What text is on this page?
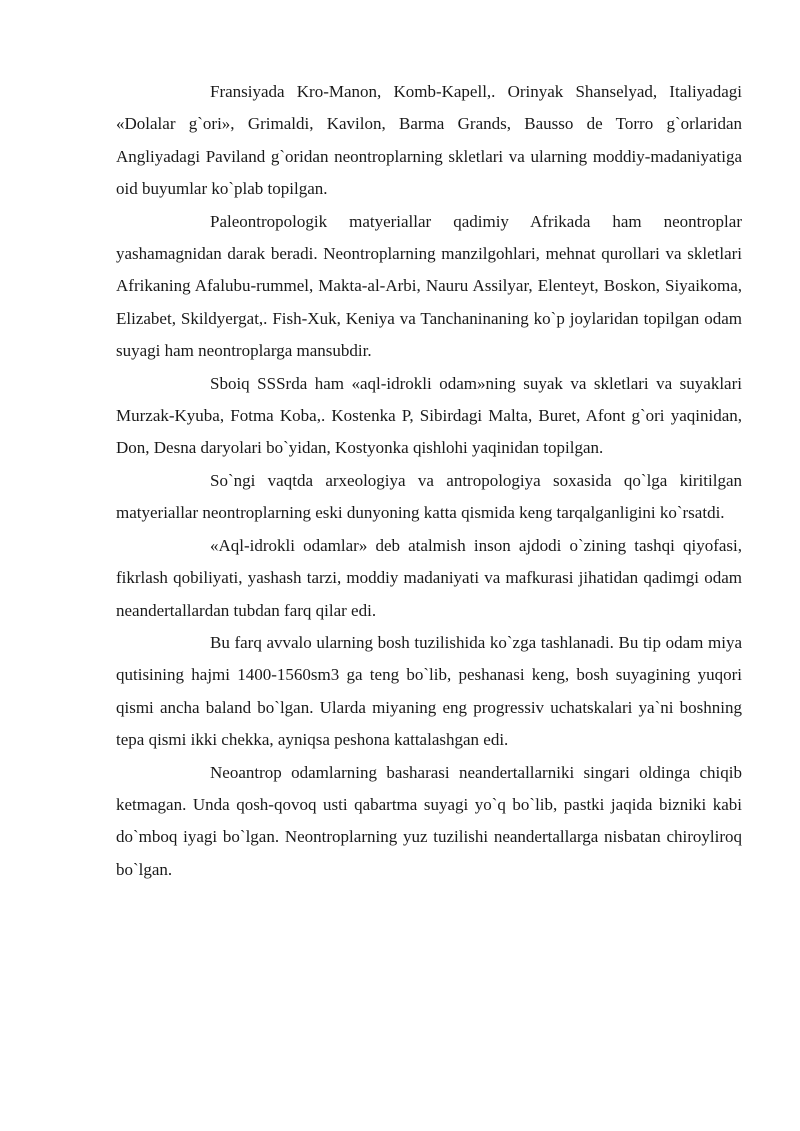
Fransiyada Kro-Manon, Komb-Kapell,. Orinyak Shanselyad, Italiyadagi «Dolalar g`ori», Grimaldi, Kavilon, Barma Grands, Bausso de Torro g`orlaridan Angliyadagi Paviland g`oridan neontroplarning skletlari va ularning moddiy-madaniyatiga oid buyumlar ko`plab topilgan.

Paleontropologik matyeriallar qadimiy Afrikada ham neontroplar yashamagnidan darak beradi. Neontroplarning manzilgohlari, mehnat qurollari va skletlari Afrikaning Afalubu-rummel, Makta-al-Arbi, Nauru Assilyar, Elenteyt, Boskon, Siyaikoma, Elizabet, Skildyergat,. Fish-Xuk, Keniya va Tanchaninaning ko`p joylaridan topilgan odam suyagi ham neontroplarga mansubdir.

Sboiq SSSrda ham «aql-idrokli odam»ning suyak va skletlari va suyaklari Murzak-Kyuba, Fotma Koba,. Kostenka P, Sibirdagi Malta, Buret, Afont g`ori yaqinidan, Don, Desna daryolari bo`yidan, Kostyonka qishlohi yaqinidan topilgan.

So`ngi vaqtda arxeologiya va antropologiya soxasida qo`lga kiritilgan matyeriallar neontroplarning eski dunyoning katta qismida keng tarqalganligini ko`rsatdi.

«Aql-idrokli odamlar» deb atalmish inson ajdodi o`zining tashqi qiyofasi, fikrlash qobiliyati, yashash tarzi, moddiy madaniyati va mafkurasi jihatidan qadimgi odam neandertallardan tubdan farq qilar edi.

Bu farq avvalo ularning bosh tuzilishida ko`zga tashlanadi. Bu tip odam miya qutisining hajmi 1400-1560sm3 ga teng bo`lib, peshanasi keng, bosh suyagining yuqori qismi ancha baland bo`lgan. Ularda miyaning eng progressiv uchatskalari ya`ni boshning tepa qismi ikki chekka, ayniqsa peshona kattalashgan edi.

Neoantrop odamlarning basharasi neandertallarniki singari oldinga chiqib ketmagan. Unda qosh-qovoq usti qabartma suyagi yo`q bo`lib, pastki jaqida bizniki kabi do`mboq iyagi bo`lgan. Neontroplarning yuz tuzilishi neandertallarga nisbatan chiroyliroq bo`lgan.
